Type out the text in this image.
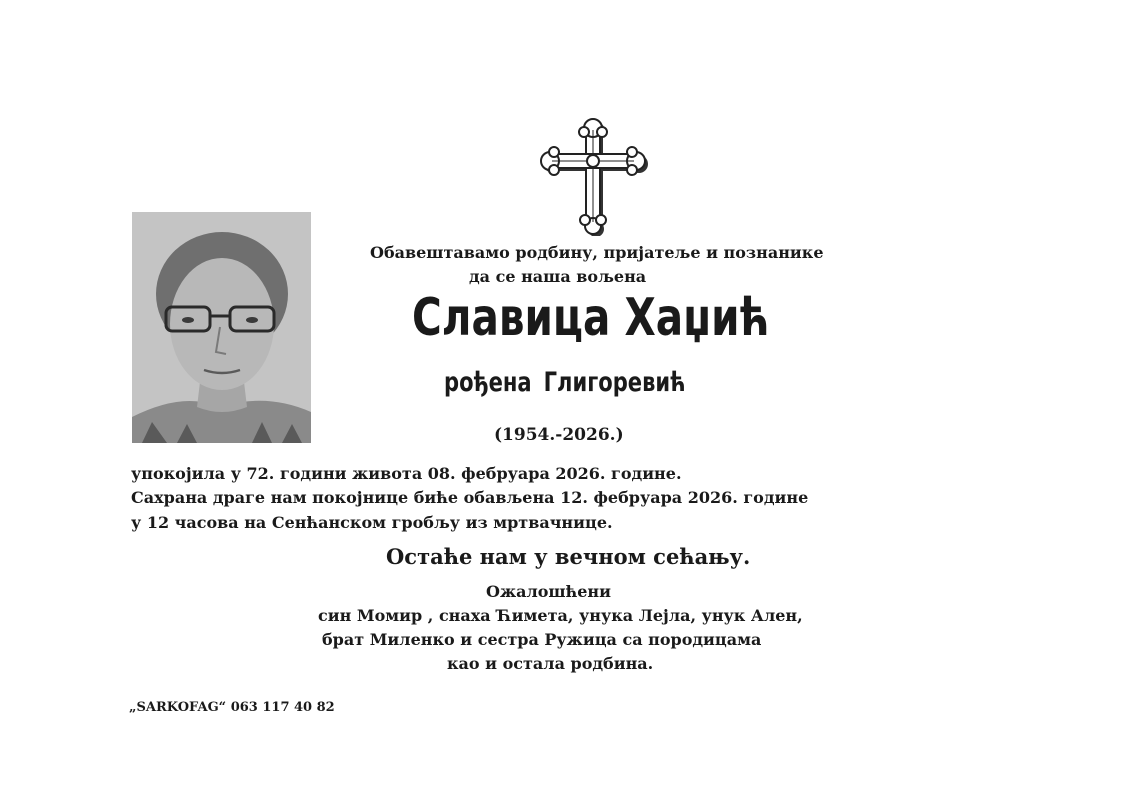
Обавештавамо родбину, пријатеље и познанике
да се наша вољена
Славица Хаџић
рођена Глигоревић
(1954.-2026.)
упокојила у 72. години живота 08. фебруара 2026. године.
Сахрана драге нам покојнице биће обављена 12. фебруара 2026. године
у 12 часова на Сенћанском гробљу из мртвачнице.
Остаће нам у вечном сећању.
Ожалошћени
син Момир , снаха Ћимета, унука Лејла, унук Ален,
брат Миленко и сестра Ружица са породицама
као и остала родбина.
„SARKOFAG“ 063 117 40 82
